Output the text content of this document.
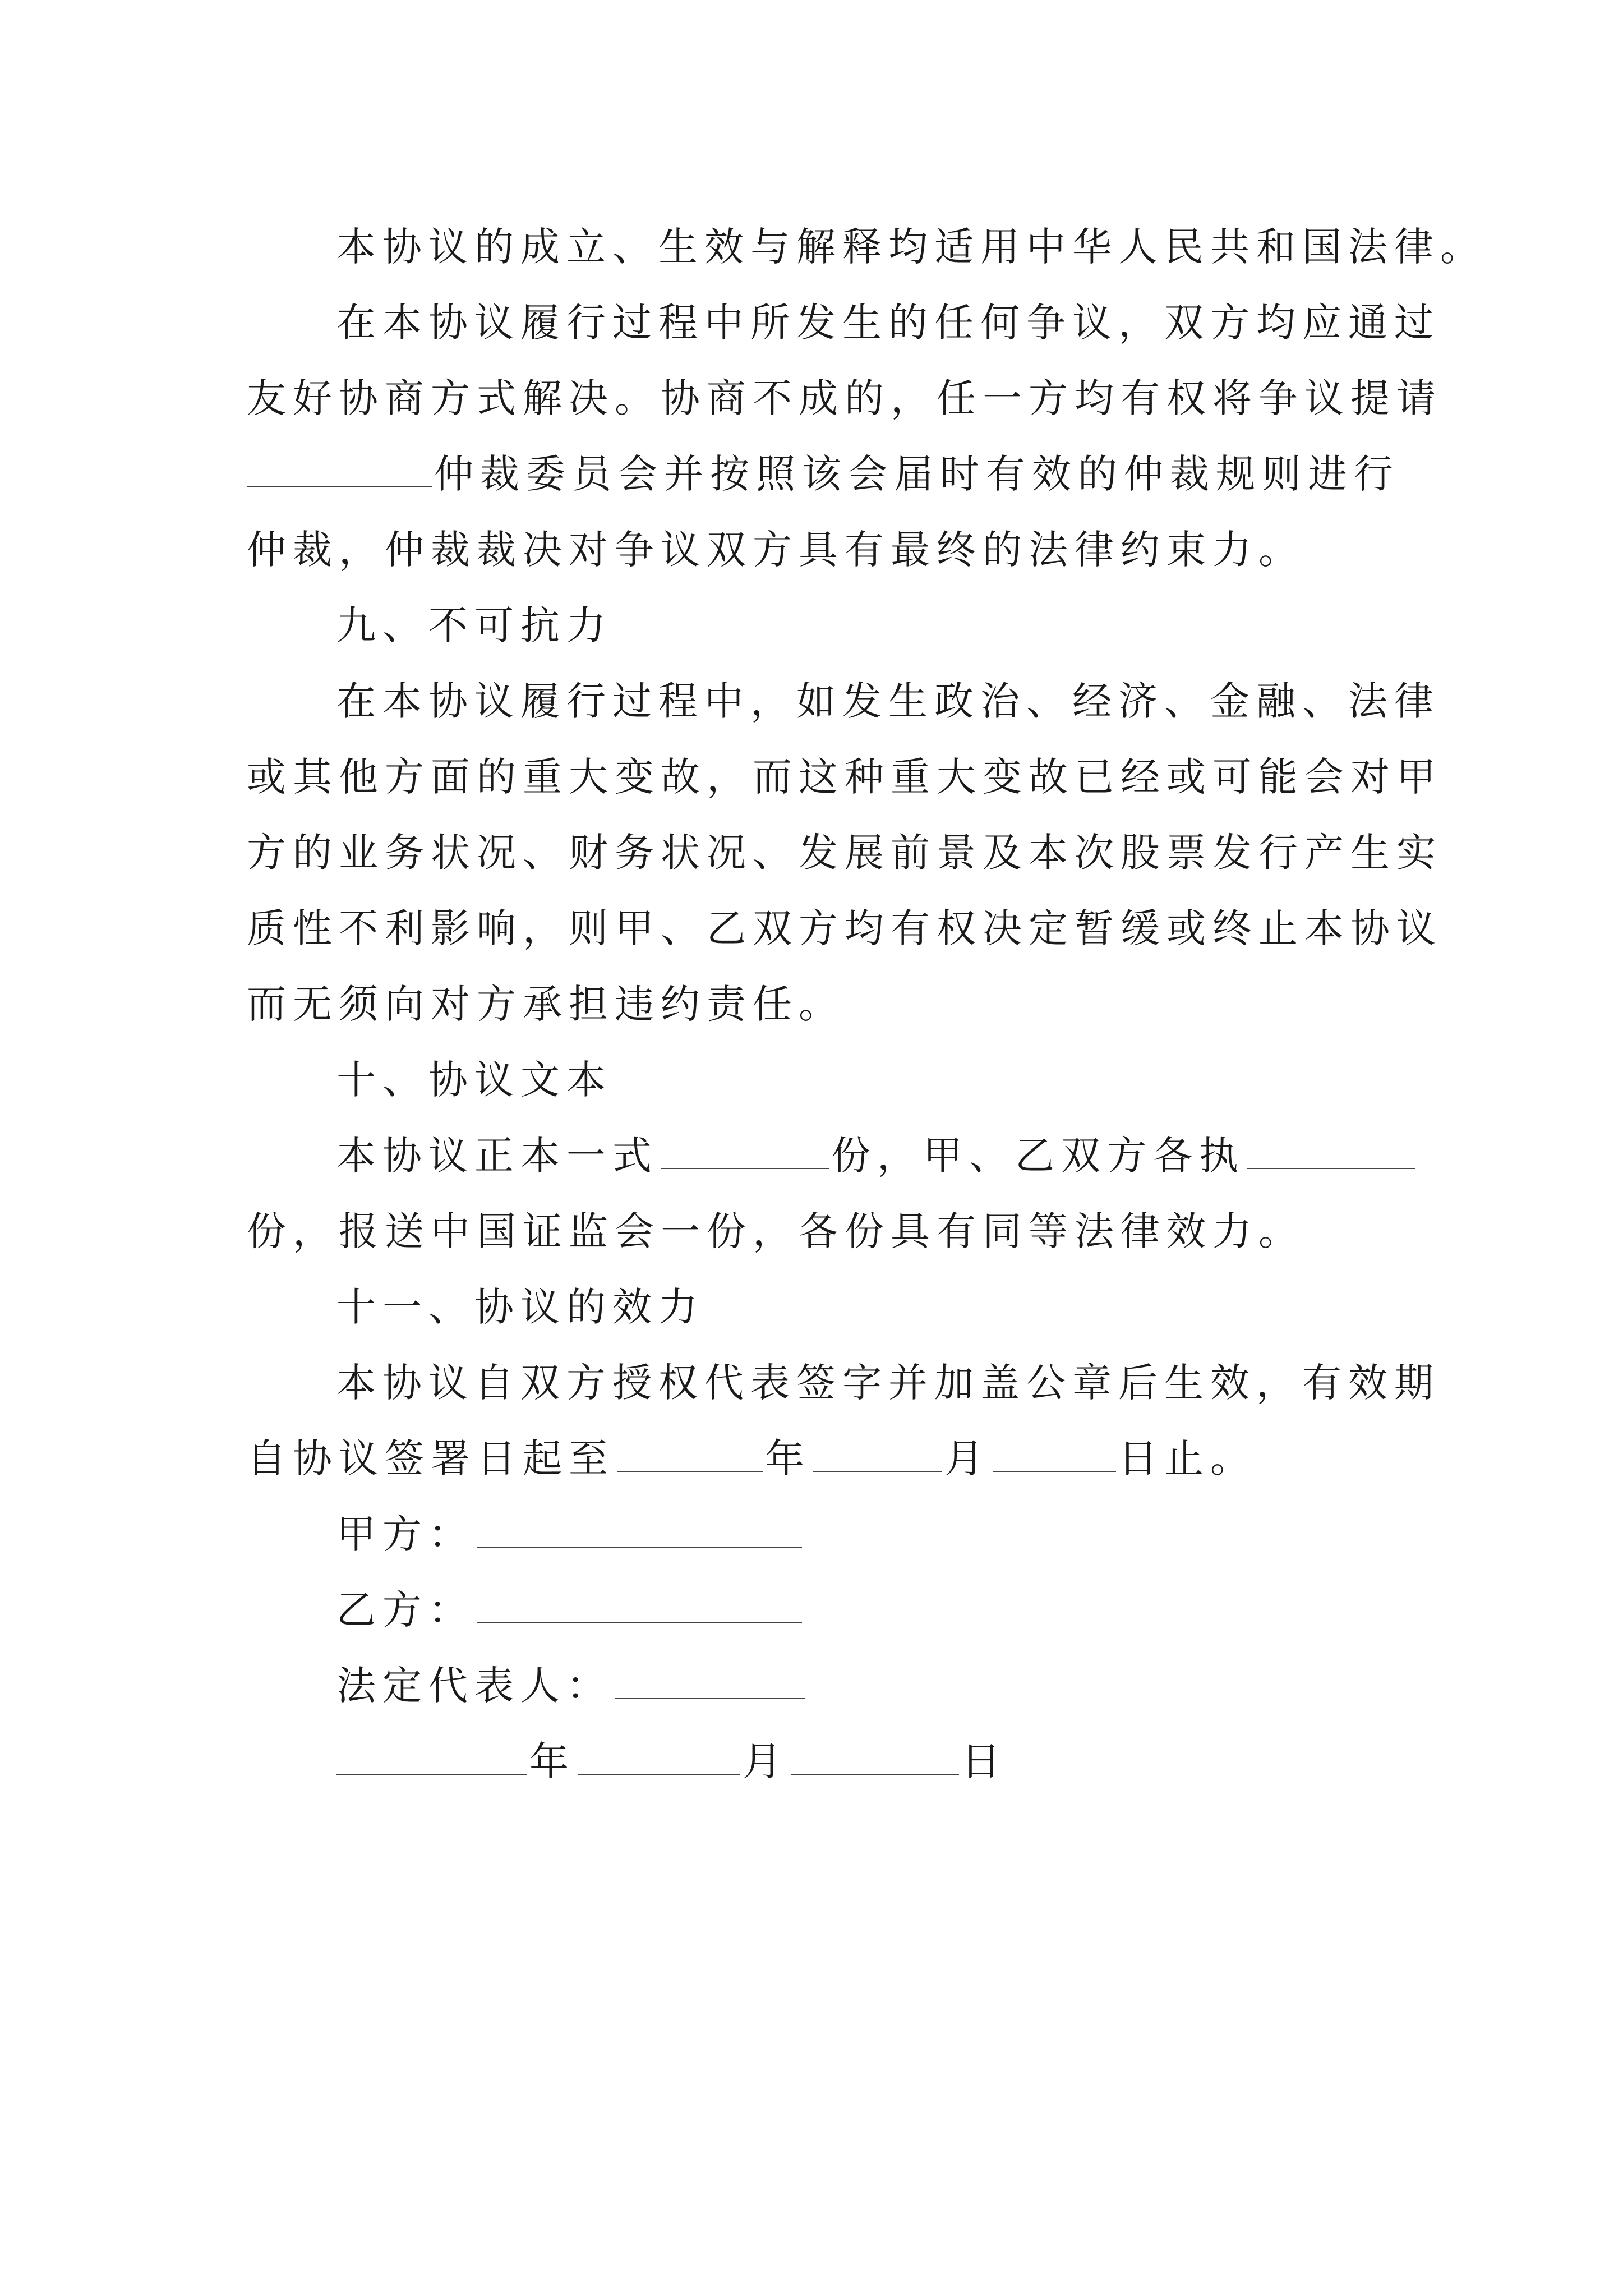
本协议的成立、生效与解释均适用中华人民共和国法律。
在本协议履行过程中所发生的任何争议，双方均应通过
友好协商方式解决。协商不成的，任一方均有权将争议提请
仲裁委员会并按照该会届时有效的仲裁规则进行
仲裁，仲裁裁决对争议双方具有最终的法律约束力。
九、不可抗力
在本协议履行过程中，如发生政治、经济、金融、法律
或其他方面的重大变故，而这种重大变故已经或可能会对甲
方的业务状况、财务状况、发展前景及本次股票发行产生实
质性不利影响，则甲、乙双方均有权决定暂缓或终止本协议
而无须向对方承担违约责任。
十、协议文本
本协议正本一式	份，甲、乙双方各执
份，报送中国证监会一份，各份具有同等法律效力。
十一、协议的效力
本协议自双方授权代表签字并加盖公章后生效，有效期
自协议签署日起至	年	月	日止。
甲方：
乙方：
法定代表人：
年	月	日
